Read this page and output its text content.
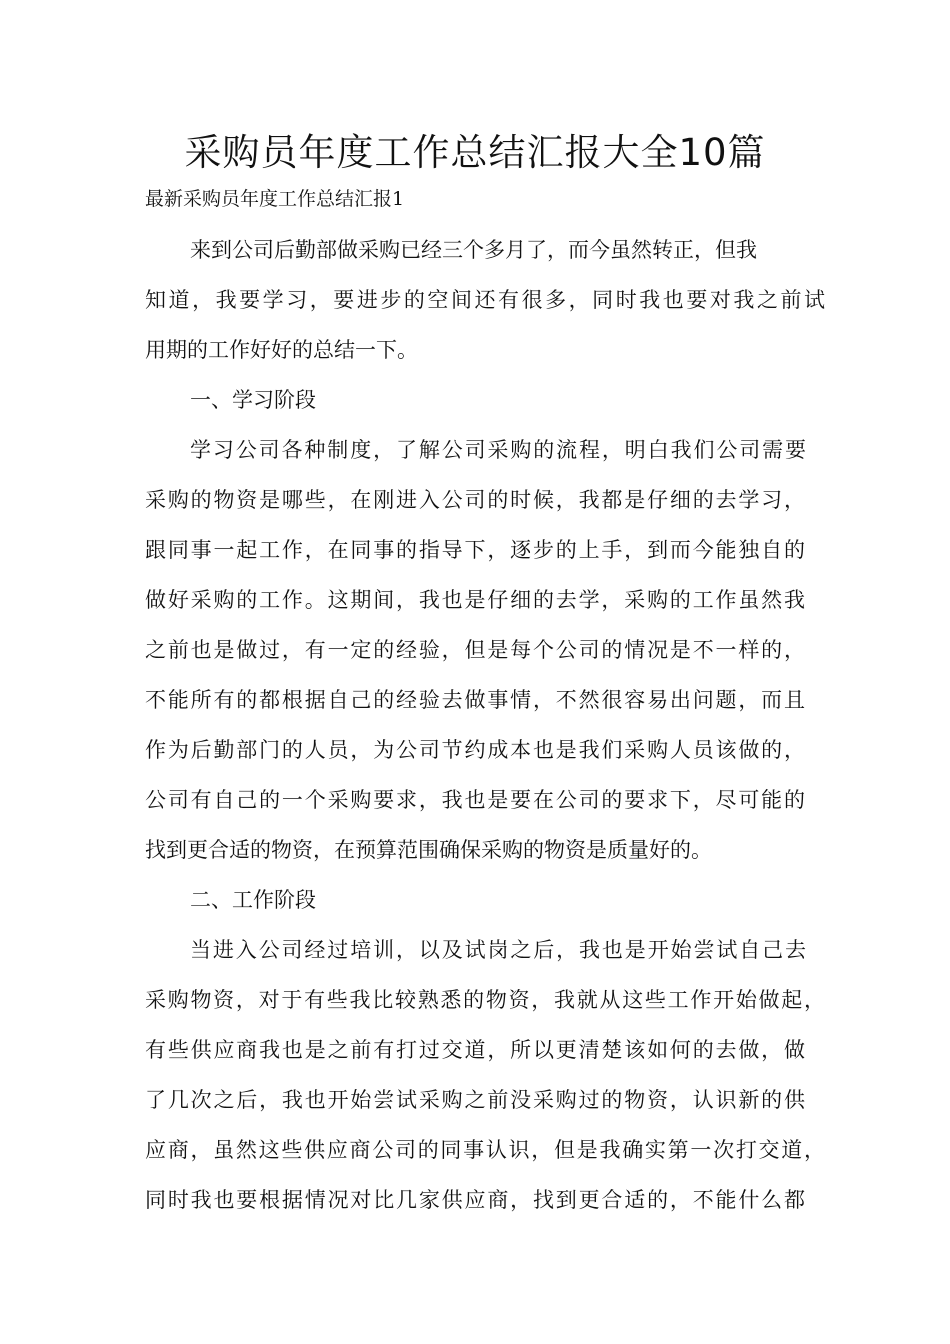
采购员年度工作总结汇报大全10篇

最新采购员年度工作总结汇报1

来到公司后勤部做采购已经三个多月了，而今虽然转正，但我

知道，我要学习，要进步的空间还有很多，同时我也要对我之前试

用期的工作好好的总结一下。

一、学习阶段

学习公司各种制度，了解公司采购的流程，明白我们公司需要

采购的物资是哪些，在刚进入公司的时候，我都是仔细的去学习，

跟同事一起工作，在同事的指导下，逐步的上手，到而今能独自的

做好采购的工作。这期间，我也是仔细的去学，采购的工作虽然我

之前也是做过，有一定的经验，但是每个公司的情况是不一样的，

不能所有的都根据自己的经验去做事情，不然很容易出问题，而且

作为后勤部门的人员，为公司节约成本也是我们采购人员该做的，

公司有自己的一个采购要求，我也是要在公司的要求下，尽可能的

找到更合适的物资，在预算范围确保采购的物资是质量好的。

二、工作阶段

当进入公司经过培训，以及试岗之后，我也是开始尝试自己去

采购物资，对于有些我比较熟悉的物资，我就从这些工作开始做起，

有些供应商我也是之前有打过交道，所以更清楚该如何的去做，做

了几次之后，我也开始尝试采购之前没采购过的物资，认识新的供

应商，虽然这些供应商公司的同事认识，但是我确实第一次打交道，

同时我也要根据情况对比几家供应商，找到更合适的，不能什么都
